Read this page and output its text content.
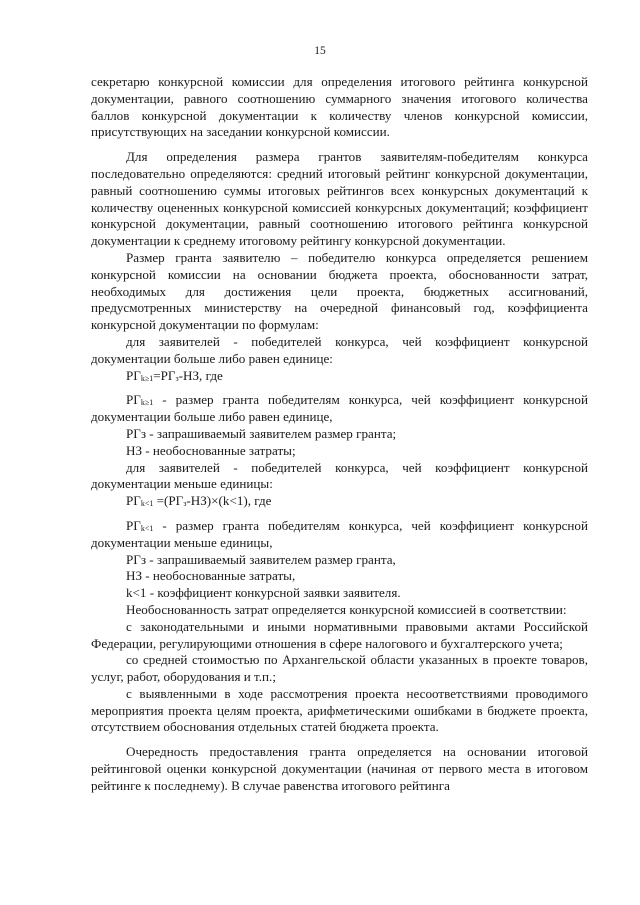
15

секретарю конкурсной комиссии для определения итогового рейтинга конкурсной документации, равного соотношению суммарного значения итогового количества баллов конкурсной документации к количеству членов конкурсной комиссии, присутствующих на заседании конкурсной комиссии.

Для определения размера грантов заявителям-победителям конкурса последовательно определяются: средний итоговый рейтинг конкурсной документации, равный соотношению суммы итоговых рейтингов всех конкурсных документаций к количеству оцененных конкурсной комиссией конкурсных документаций; коэффициент конкурсной документации, равный соотношению итогового рейтинга конкурсной документации к среднему итоговому рейтингу конкурсной документации.

Размер гранта заявителю – победителю конкурса определяется решением конкурсной комиссии на основании бюджета проекта, обоснованности затрат, необходимых для достижения цели проекта, бюджетных ассигнований, предусмотренных министерству на очередной финансовый год, коэффициента конкурсной документации по формулам:

для заявителей - победителей конкурса, чей коэффициент конкурсной документации больше либо равен единице:

$РГ_{k\ge 1}=РГ_з-НЗ$, где

$РГ_{k\ge 1}$ - размер гранта победителям конкурса, чей коэффициент конкурсной документации больше либо равен единице,

РГз - запрашиваемый заявителем размер гранта;

НЗ - необоснованные затраты;

для заявителей - победителей конкурса, чей коэффициент конкурсной документации меньше единицы:

$РГ_{k<1} =(РГ_з-НЗ)\times(k<1)$, где

$РГ_{k<1}$ - размер гранта победителям конкурса, чей коэффициент конкурсной документации меньше единицы,

РГз - запрашиваемый заявителем размер гранта,

НЗ - необоснованные затраты,

k<1 - коэффициент конкурсной заявки заявителя.

Необоснованность затрат определяется конкурсной комиссией в соответствии:

с законодательными и иными нормативными правовыми актами Российской Федерации, регулирующими отношения в сфере налогового и бухгалтерского учета;

со средней стоимостью по Архангельской области указанных в проекте товаров, услуг, работ, оборудования и т.п.;

с выявленными в ходе рассмотрения проекта несоответствиями проводимого мероприятия проекта целям проекта, арифметическими ошибками в бюджете проекта, отсутствием обоснования отдельных статей бюджета проекта.

Очередность предоставления гранта определяется на основании итоговой рейтинговой оценки конкурсной документации (начиная от первого места в итоговом рейтинге к последнему). В случае равенства итогового рейтинга
